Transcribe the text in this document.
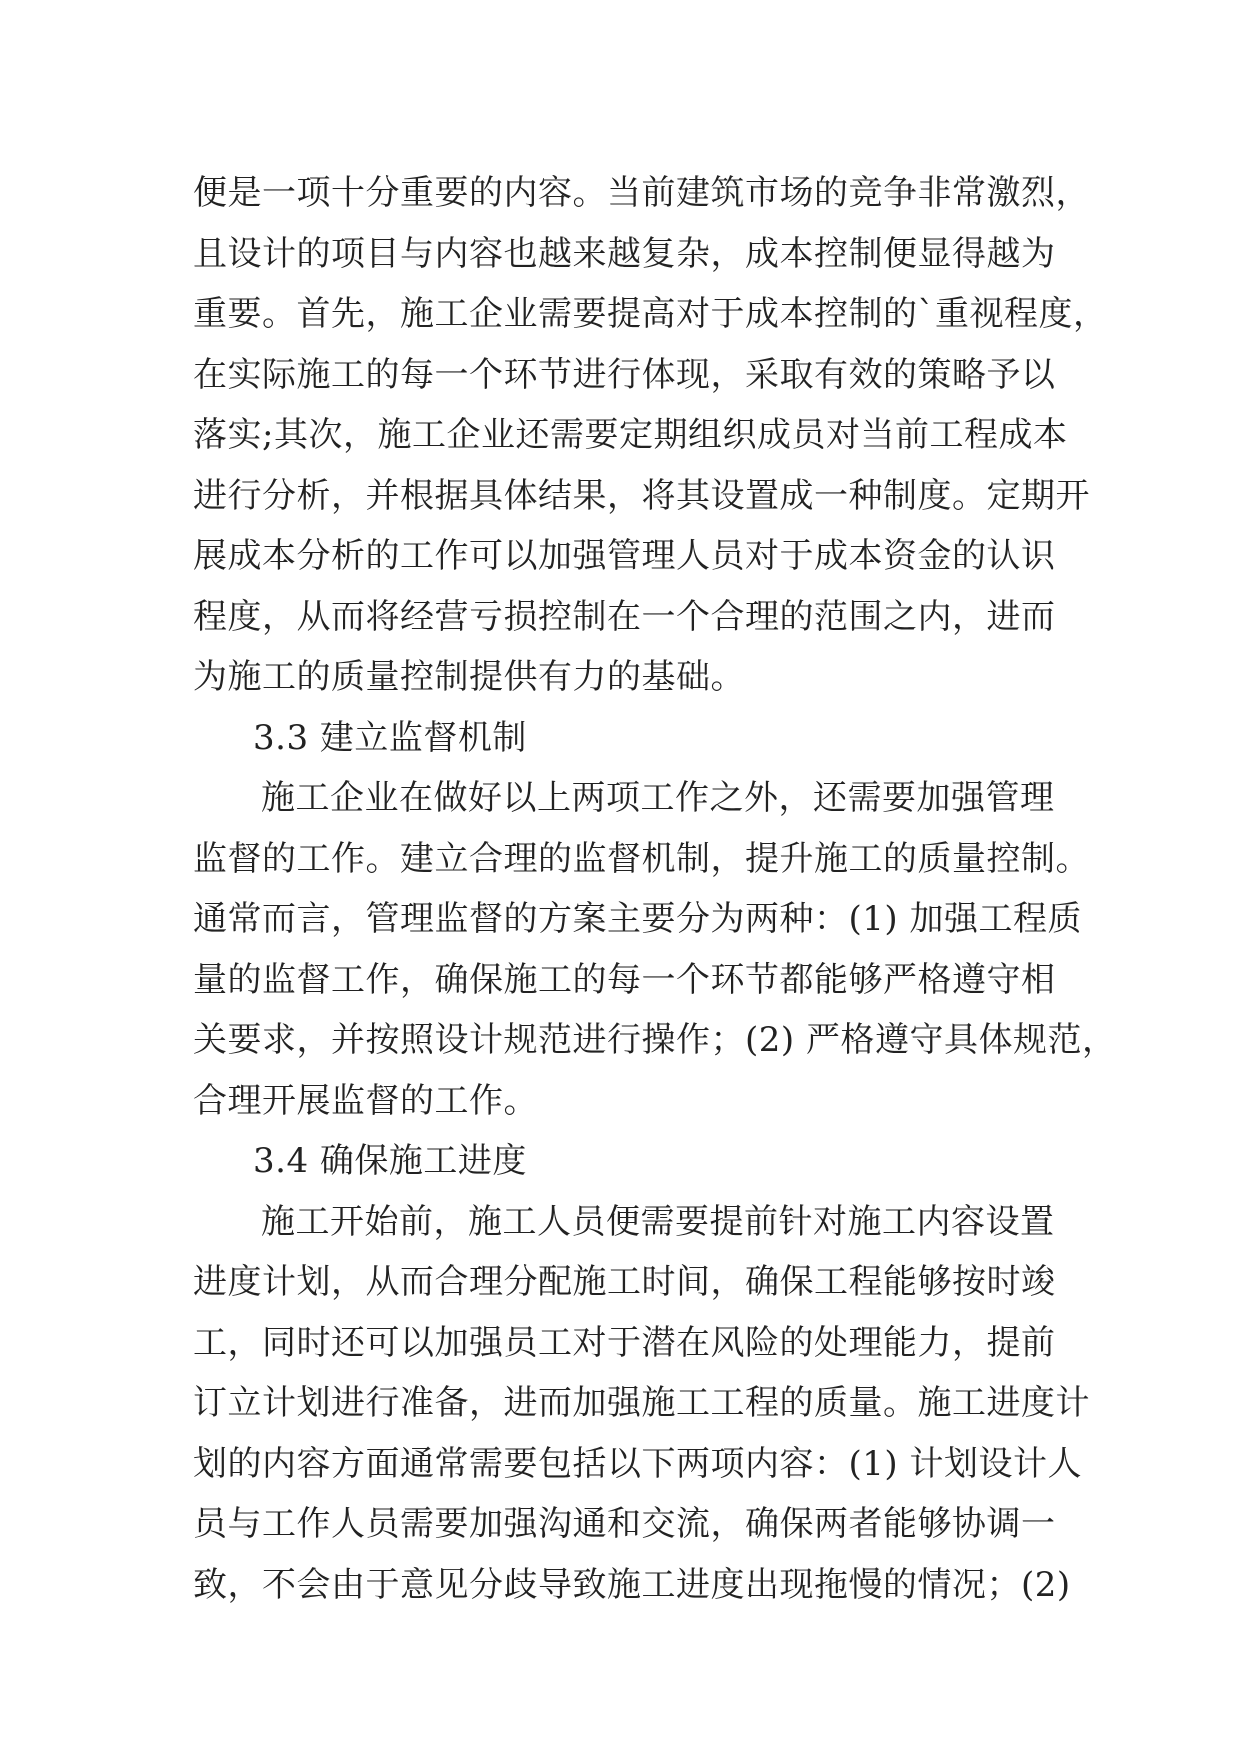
便是一项十分重要的内容。当前建筑市场的竞争非常激烈，
且设计的项目与内容也越来越复杂，成本控制便显得越为
重要。首先，施工企业需要提高对于成本控制的`重视程度，
在实际施工的每一个环节进行体现，采取有效的策略予以
落实;其次，施工企业还需要定期组织成员对当前工程成本
进行分析，并根据具体结果，将其设置成一种制度。定期开
展成本分析的工作可以加强管理人员对于成本资金的认识
程度，从而将经营亏损控制在一个合理的范围之内，进而
为施工的质量控制提供有力的基础。
3.3 建立监督机制
施工企业在做好以上两项工作之外，还需要加强管理
监督的工作。建立合理的监督机制，提升施工的质量控制。
通常而言，管理监督的方案主要分为两种：(1) 加强工程质
量的监督工作，确保施工的每一个环节都能够严格遵守相
关要求，并按照设计规范进行操作；(2) 严格遵守具体规范，
合理开展监督的工作。
3.4 确保施工进度
施工开始前，施工人员便需要提前针对施工内容设置
进度计划，从而合理分配施工时间，确保工程能够按时竣
工，同时还可以加强员工对于潜在风险的处理能力，提前
订立计划进行准备，进而加强施工工程的质量。施工进度计
划的内容方面通常需要包括以下两项内容：(1) 计划设计人
员与工作人员需要加强沟通和交流，确保两者能够协调一
致，不会由于意见分歧导致施工进度出现拖慢的情况；(2)
